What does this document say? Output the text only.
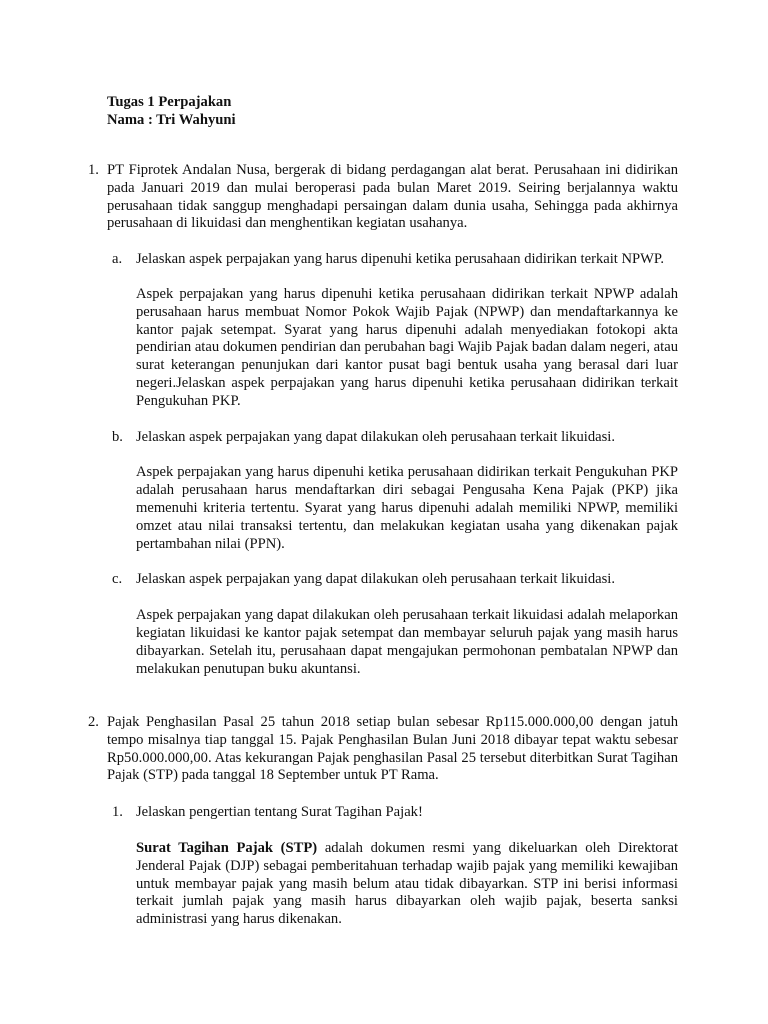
Tugas 1 Perpajakan
Nama : Tri Wahyuni
1. PT Fiprotek Andalan Nusa, bergerak di bidang perdagangan alat berat. Perusahaan ini didirikan pada Januari 2019 dan mulai beroperasi pada bulan Maret 2019. Seiring berjalannya waktu perusahaan tidak sanggup menghadapi persaingan dalam dunia usaha, Sehingga pada akhirnya perusahaan di likuidasi dan menghentikan kegiatan usahanya.
a. Jelaskan aspek perpajakan yang harus dipenuhi ketika perusahaan didirikan terkait NPWP.
Aspek perpajakan yang harus dipenuhi ketika perusahaan didirikan terkait NPWP adalah perusahaan harus membuat Nomor Pokok Wajib Pajak (NPWP) dan mendaftarkannya ke kantor pajak setempat. Syarat yang harus dipenuhi adalah menyediakan fotokopi akta pendirian atau dokumen pendirian dan perubahan bagi Wajib Pajak badan dalam negeri, atau surat keterangan penunjukan dari kantor pusat bagi bentuk usaha yang berasal dari luar negeri.Jelaskan aspek perpajakan yang harus dipenuhi ketika perusahaan didirikan terkait Pengukuhan PKP.
b. Jelaskan aspek perpajakan yang dapat dilakukan oleh perusahaan terkait likuidasi.
Aspek perpajakan yang harus dipenuhi ketika perusahaan didirikan terkait Pengukuhan PKP adalah perusahaan harus mendaftarkan diri sebagai Pengusaha Kena Pajak (PKP) jika memenuhi kriteria tertentu. Syarat yang harus dipenuhi adalah memiliki NPWP, memiliki omzet atau nilai transaksi tertentu, dan melakukan kegiatan usaha yang dikenakan pajak pertambahan nilai (PPN).
c. Jelaskan aspek perpajakan yang dapat dilakukan oleh perusahaan terkait likuidasi.
Aspek perpajakan yang dapat dilakukan oleh perusahaan terkait likuidasi adalah melaporkan kegiatan likuidasi ke kantor pajak setempat dan membayar seluruh pajak yang masih harus dibayarkan. Setelah itu, perusahaan dapat mengajukan permohonan pembatalan NPWP dan melakukan penutupan buku akuntansi.
2. Pajak Penghasilan Pasal 25 tahun 2018 setiap bulan sebesar Rp115.000.000,00 dengan jatuh tempo misalnya tiap tanggal 15. Pajak Penghasilan Bulan Juni 2018 dibayar tepat waktu sebesar Rp50.000.000,00. Atas kekurangan Pajak penghasilan Pasal 25 tersebut diterbitkan Surat Tagihan Pajak (STP) pada tanggal 18 September untuk PT Rama.
1. Jelaskan pengertian tentang Surat Tagihan Pajak!
Surat Tagihan Pajak (STP) adalah dokumen resmi yang dikeluarkan oleh Direktorat Jenderal Pajak (DJP) sebagai pemberitahuan terhadap wajib pajak yang memiliki kewajiban untuk membayar pajak yang masih belum atau tidak dibayarkan. STP ini berisi informasi terkait jumlah pajak yang masih harus dibayarkan oleh wajib pajak, beserta sanksi administrasi yang harus dikenakan.
